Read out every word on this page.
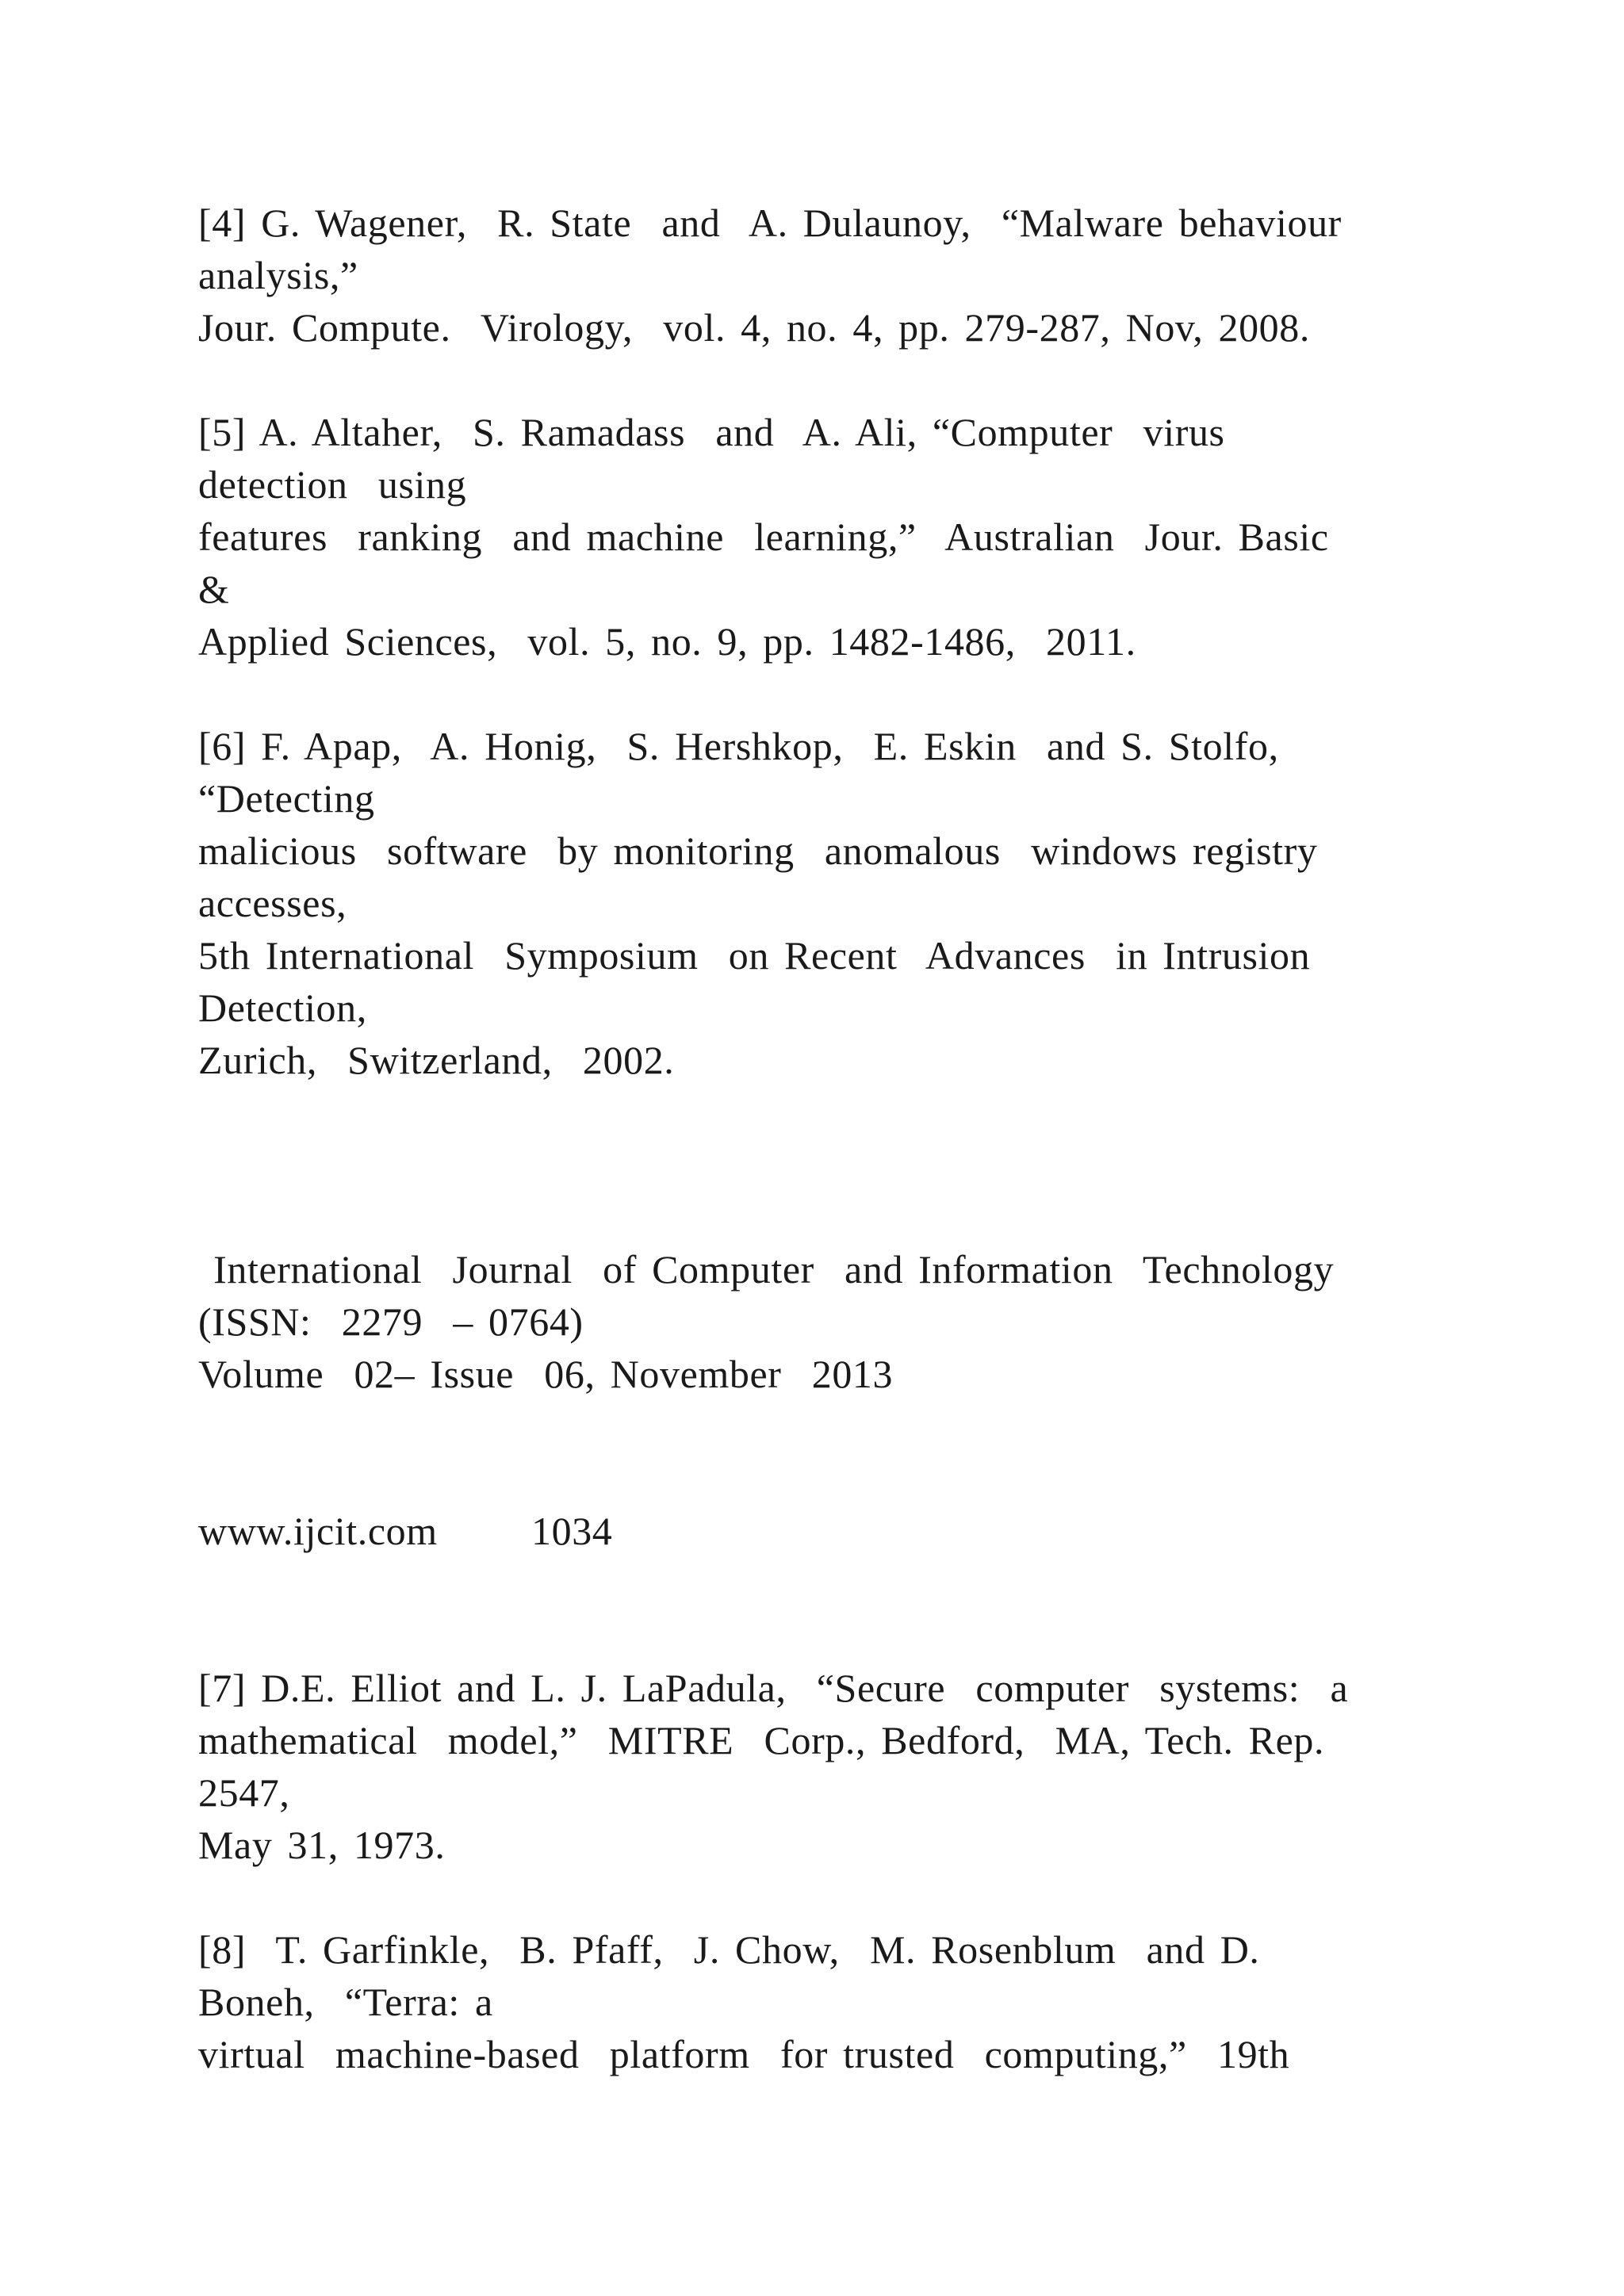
[4] G. Wagener,  R. State  and  A. Dulaunoy,  “Malware behaviour
analysis,”
Jour. Compute.  Virology,  vol. 4, no. 4, pp. 279-287, Nov, 2008.
[5] A. Altaher,  S. Ramadass  and  A. Ali, “Computer  virus
detection  using
features  ranking  and machine  learning,”  Australian  Jour. Basic
&
Applied Sciences,  vol. 5, no. 9, pp. 1482-1486,  2011.
[6] F. Apap,  A. Honig,  S. Hershkop,  E. Eskin  and S. Stolfo,
“Detecting
malicious  software  by monitoring  anomalous  windows registry
accesses,
5th International  Symposium  on Recent  Advances  in Intrusion
Detection,
Zurich,  Switzerland,  2002.
International  Journal  of Computer  and Information  Technology
(ISSN:  2279  – 0764)
Volume  02– Issue  06, November  2013
www.ijcit.com 1034
[7] D.E. Elliot and L. J. LaPadula,  “Secure  computer  systems:  a
mathematical  model,”  MITRE  Corp., Bedford,  MA, Tech. Rep.
2547,
May 31, 1973.
[8]  T. Garfinkle,  B. Pfaff,  J. Chow,  M. Rosenblum  and D.
Boneh,  “Terra: a
virtual  machine-based  platform  for trusted  computing,”  19th
